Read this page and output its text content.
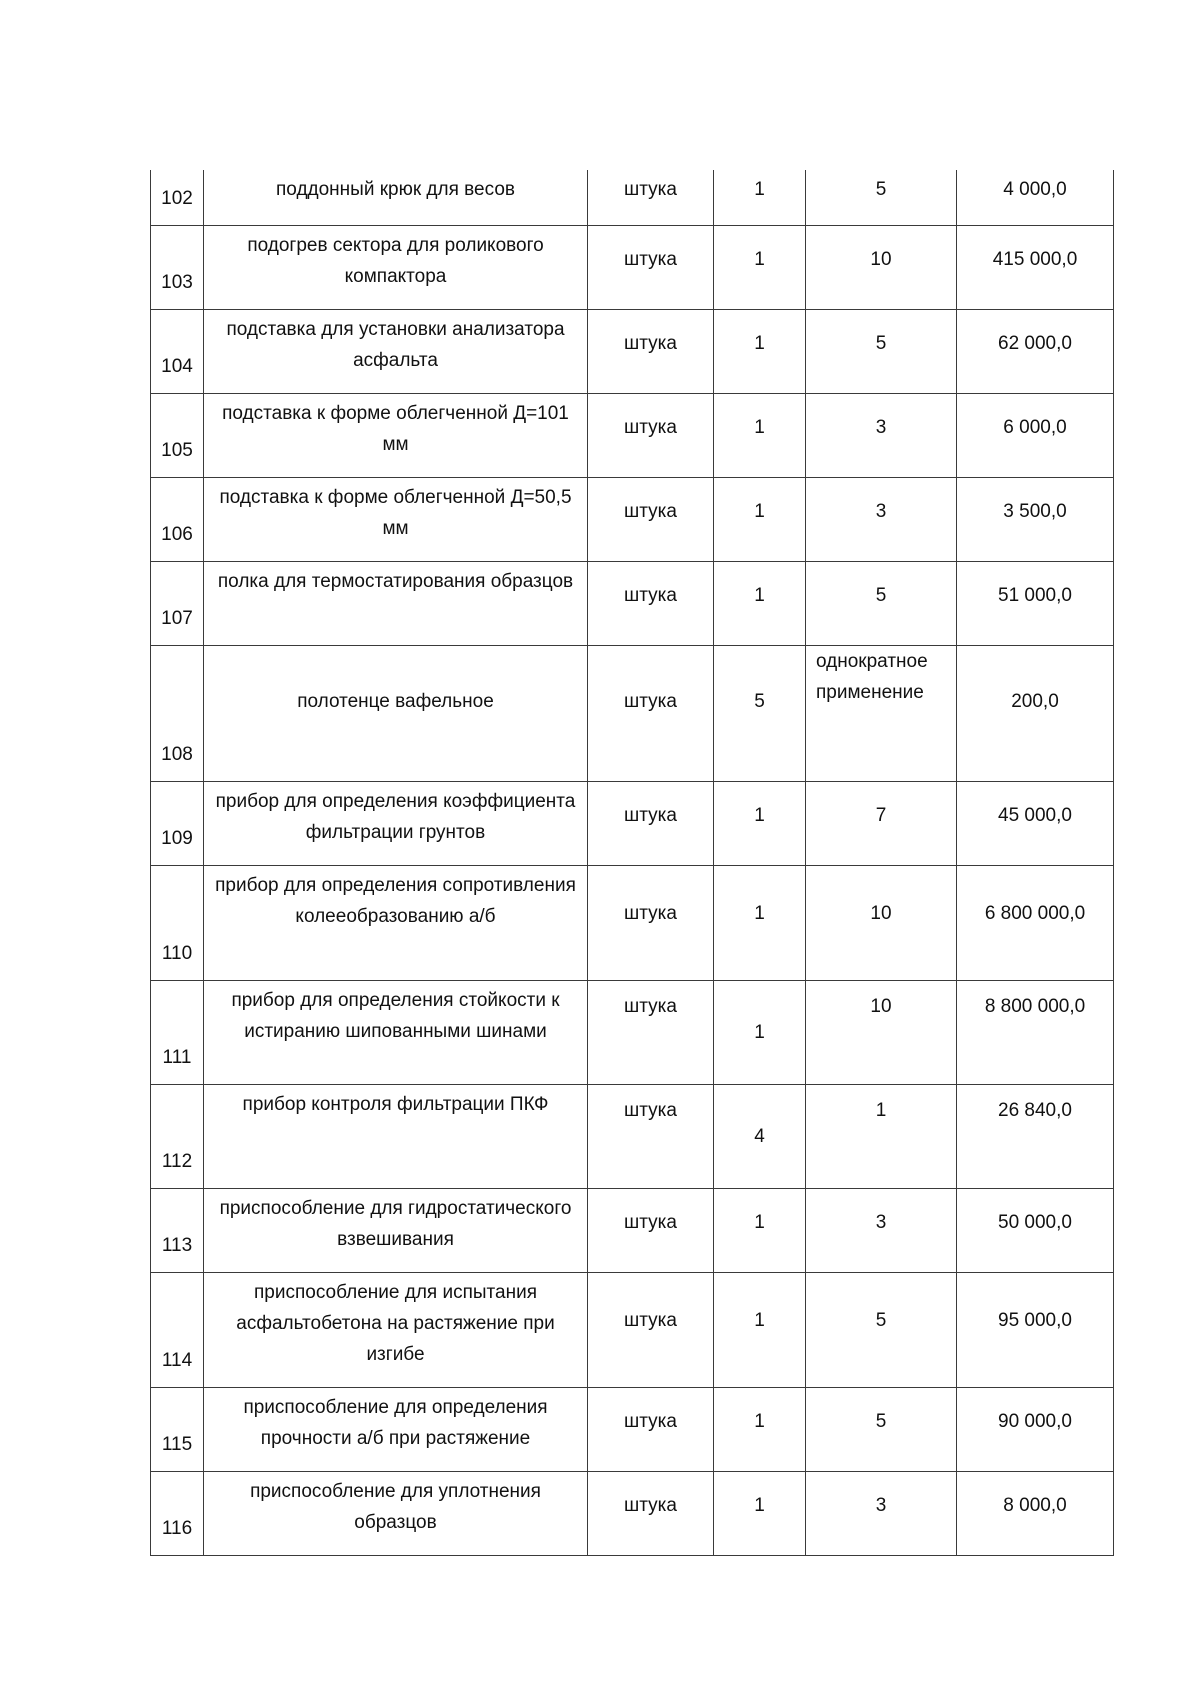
102	поддонный крюк для весов	штука	1	5	4 000,0
103	подогрев сектора для роликового компактора	штука	1	10	415 000,0
104	подставка для установки анализатора асфальта	штука	1	5	62 000,0
105	подставка к форме облегченной Д=101 мм	штука	1	3	6 000,0
106	подставка к форме облегченной Д=50,5 мм	штука	1	3	3 500,0
107	полка для термостатирования образцов	штука	1	5	51 000,0
108	полотенце вафельное	штука	5	однократное применение	200,0
109	прибор для определения коэффициента фильтрации грунтов	штука	1	7	45 000,0
110	прибор для определения сопротивления колееобразованию а/б	штука	1	10	6 800 000,0
111	прибор для определения стойкости к истиранию шипованными шинами	штука	1	10	8 800 000,0
112	прибор контроля фильтрации ПКФ	штука	4	1	26 840,0
113	приспособление для гидростатического взвешивания	штука	1	3	50 000,0
114	приспособление для испытания асфальтобетона на растяжение при изгибе	штука	1	5	95 000,0
115	приспособление для определения прочности а/б при растяжение	штука	1	5	90 000,0
116	приспособление для уплотнения образцов	штука	1	3	8 000,0
